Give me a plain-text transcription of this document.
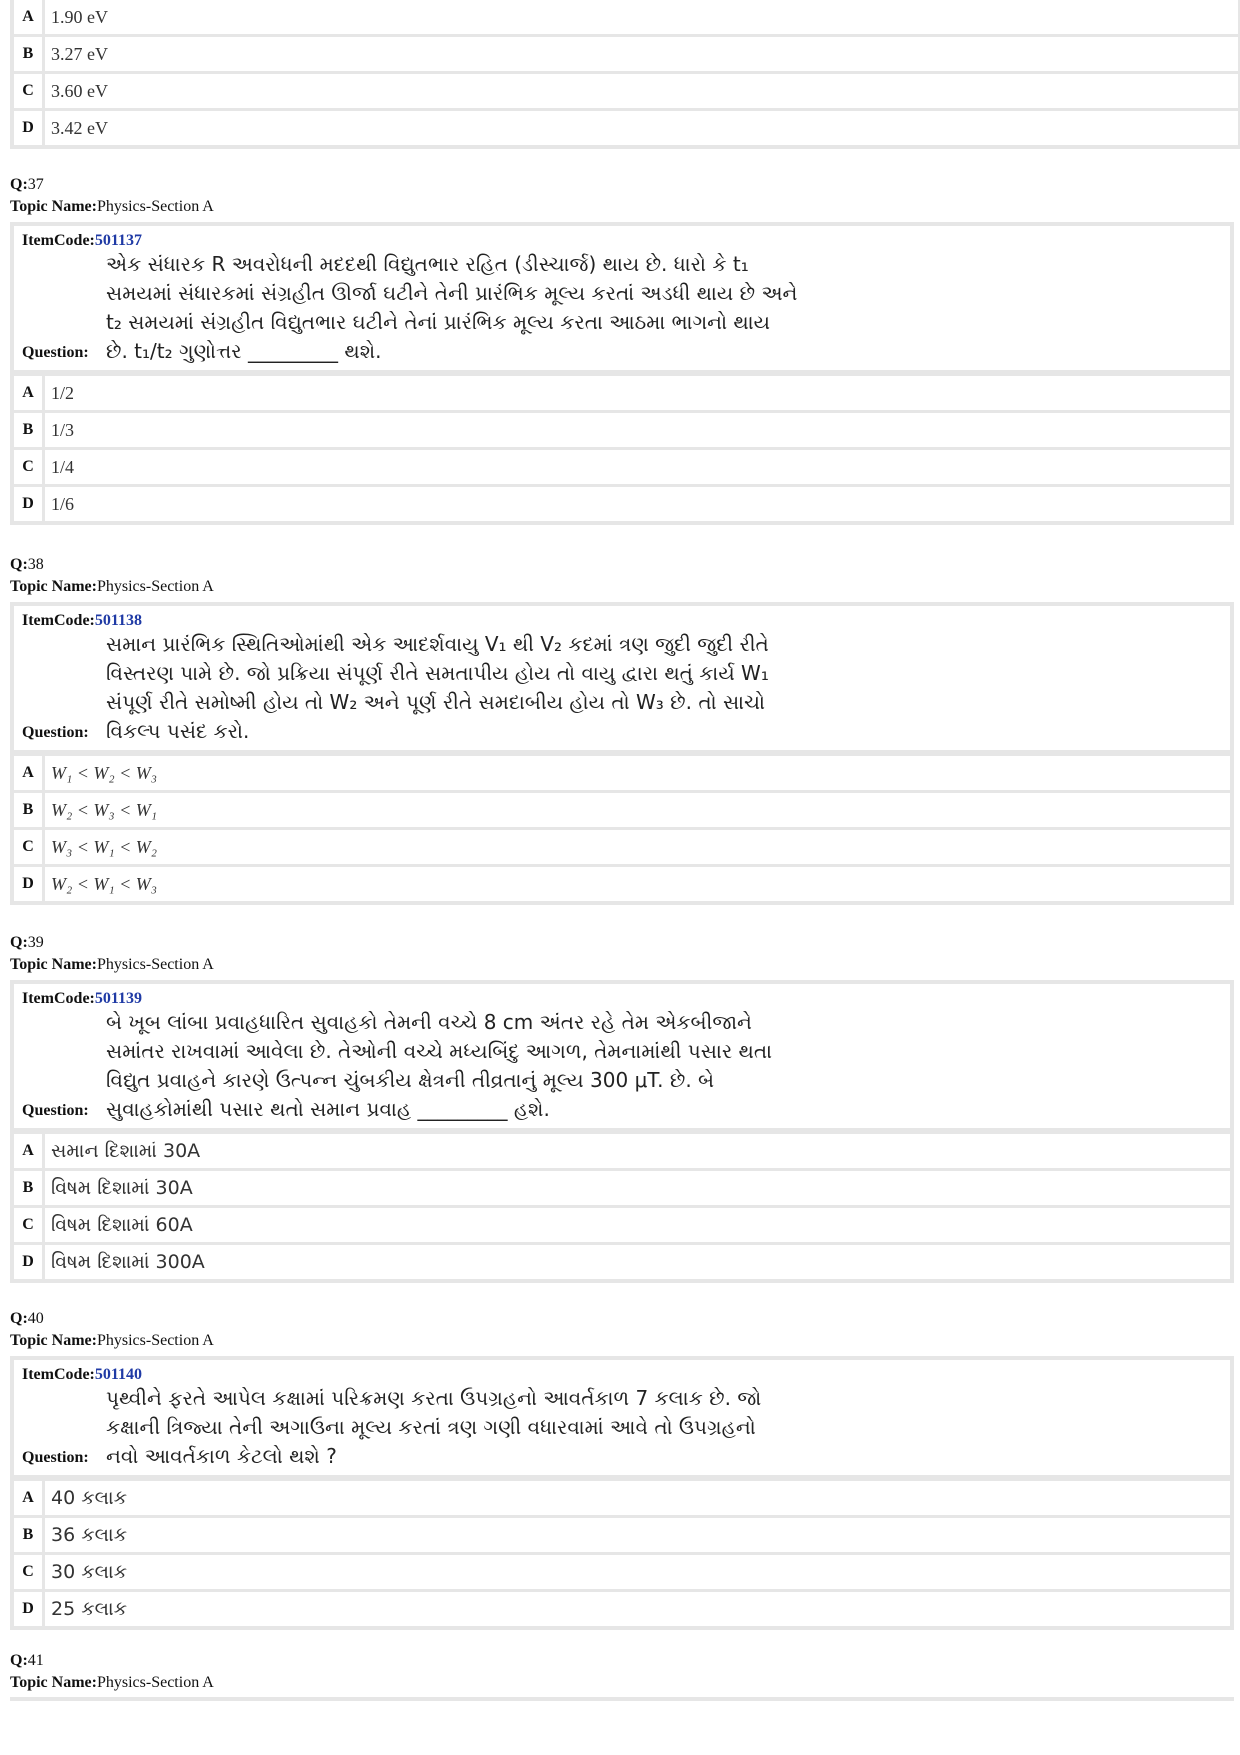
A 1.90 eV
B 3.27 eV
C 3.60 eV
D 3.42 eV
Q:37
Topic Name:Physics-Section A
ItemCode:501137
Question:
એક સંધારક R અવરોધની મદદથી વિદ્યુતભાર રહિત (ડીસ્ચાર્જ) થાય છે. ધારો કે t₁
સમયમાં સંધારકમાં સંગ્રહીત ઊર્જા ઘટીને તેની પ્રારંભિક મૂલ્ય કરતાં અડધી થાય છે અને
t₂ સમયમાં સંગ્રહીત વિદ્યુતભાર ઘટીને તેનાં પ્રારંભિક મૂલ્ય કરતા આઠમા ભાગનો થાય
છે. t₁/t₂ ગુણોત્તર _________ થશે.
A 1/2
B 1/3
C 1/4
D 1/6
Q:38
Topic Name:Physics-Section A
ItemCode:501138
Question:
સમાન પ્રારંભિક સ્થિતિઓમાંથી એક આદર્શવાયુ V₁ થી V₂ કદમાં ત્રણ જુદી જુદી રીતે
વિસ્તરણ પામે છે. જો પ્રક્રિયા સંપૂર્ણ રીતે સમતાપીય હોય તો વાયુ દ્વારા થતું કાર્ય W₁
સંપૂર્ણ રીતે સમોષ્મી હોય તો W₂ અને પૂર્ણ રીતે સમદાબીય હોય તો W₃ છે. તો સાચો
વિકલ્પ પસંદ કરો.
A W₁ < W₂ < W₃
B W₂ < W₃ < W₁
C W₃ < W₁ < W₂
D W₂ < W₁ < W₃
Q:39
Topic Name:Physics-Section A
ItemCode:501139
Question:
બે ખૂબ લાંબા પ્રવાહધારિત સુવાહકો તેમની વચ્ચે 8 cm અંતર રહે તેમ એકબીજાને
સમાંતર રાખવામાં આવેલા છે. તેઓની વચ્ચે મધ્યબિંદુ આગળ, તેમનામાંથી પસાર થતા
વિદ્યુત પ્રવાહને કારણે ઉત્પન્ન ચુંબકીય ક્ષેત્રની તીવ્રતાનું મૂલ્ય 300 μT. છે. બે
સુવાહકોમાંથી પસાર થતો સમાન પ્રવાહ _________ હશે.
A સમાન દિશામાં 30A
B વિષમ દિશામાં 30A
C વિષમ દિશામાં 60A
D વિષમ દિશામાં 300A
Q:40
Topic Name:Physics-Section A
ItemCode:501140
Question:
પૃથ્વીને ફરતે આપેલ કક્ષામાં પરિક્રમણ કરતા ઉપગ્રહનો આવર્તકાળ 7 કલાક છે. જો
કક્ષાની ત્રિજ્યા તેની અગાઉના મૂલ્ય કરતાં ત્રણ ગણી વધારવામાં આવે તો ઉપગ્રહનો
નવો આવર્તકાળ કેટલો થશે ?
A 40 કલાક
B 36 કલાક
C 30 કલાક
D 25 કલાક
Q:41
Topic Name:Physics-Section A
